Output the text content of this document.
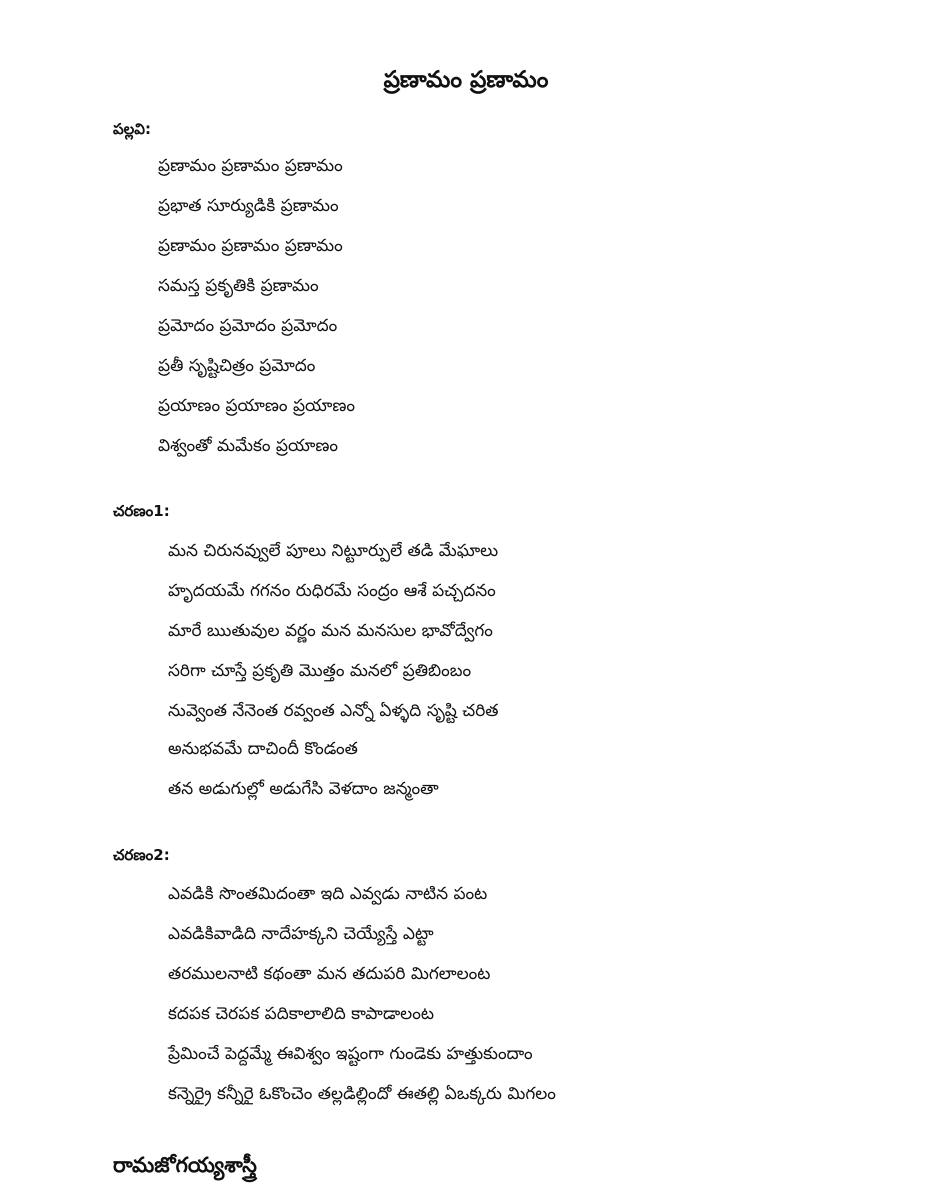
ప్రణామం ప్రణామం
పల్లవి:
ప్రణామం ప్రణామం ప్రణామం
ప్రభాత సూర్యుడికి ప్రణామం
ప్రణామం ప్రణామం ప్రణామం
సమస్త ప్రకృతికి ప్రణామం
ప్రమోదం ప్రమోదం ప్రమోదం
ప్రతీ సృష్టిచిత్రం ప్రమోదం
ప్రయాణం ప్రయాణం ప్రయాణం
విశ్వంతో మమేకం ప్రయాణం
చరణం1:
మన చిరునవ్వులే పూలు నిట్టూర్పులే తడి మేఘాలు
హృదయమే గగనం రుధిరమే సంద్రం ఆశే పచ్చదనం
మారే ఋతువుల వర్ణం మన మనసుల భావోద్వేగం
సరిగా చూస్తే ప్రకృతి మొత్తం మనలో ప్రతిబింబం
నువ్వెంత నేనెంత రవ్వంత ఎన్నో ఏళ్ళది సృష్టి చరిత
అనుభవమే దాచిందీ కొండంత
తన అడుగుల్లో అడుగేసి వెళదాం జన్మంతా
చరణం2:
ఎవడికి సొంతమిదంతా ఇది ఎవ్వడు నాటిన పంట
ఎవడికివాడిది నాదేహక్కని చెయ్యేస్తే ఎట్టా
తరములనాటి కథంతా మన తదుపరి మిగలాలంట
కదపక చెరపక పదికాలాలిది కాపాడాలంట
ప్రేమించే పెద్దమ్మే ఈవిశ్వం ఇష్టంగా గుండెకు హత్తుకుందాం
కన్నెర్రై కన్నీరై ఓకొంచెం తల్లడిల్లిందో ఈతల్లి ఏఒక్కరు మిగలం
రామజోగయ్యశాస్త్రీ
